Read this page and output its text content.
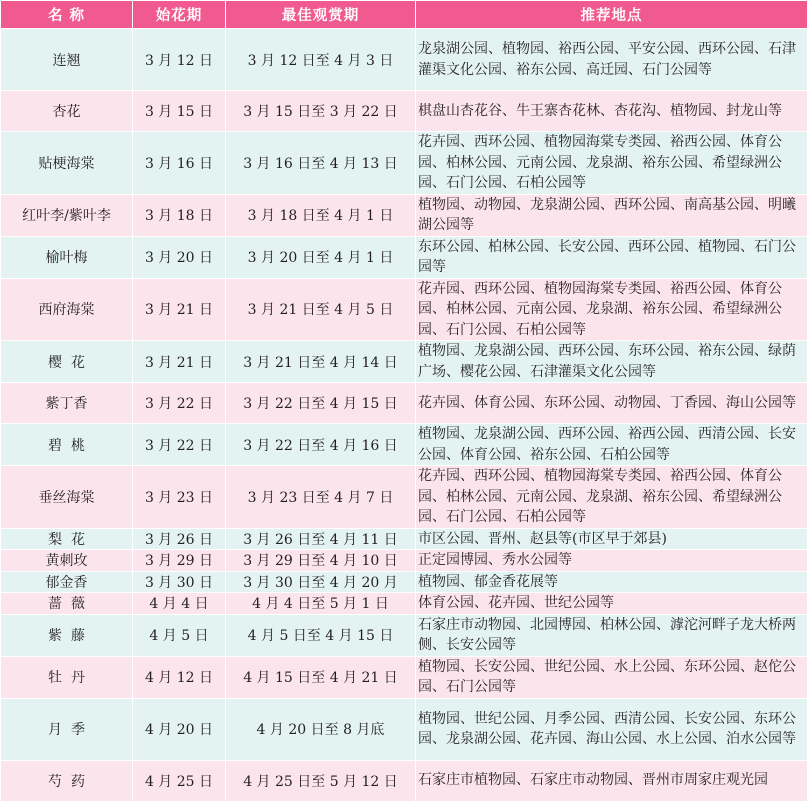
名 称	始花期	最佳观赏期	推荐地点
连翘	3 月 12 日	3 月 12 日至 4 月 3 日	龙泉湖公园、植物园、裕西公园、平安公园、西环公园、石津灌渠文化公园、裕东公园、高迁园、石门公园等
杏花	3 月 15 日	3 月 15 日至 3 月 22 日	棋盘山杏花谷、牛王寨杏花林、杏花沟、植物园、封龙山等
贴梗海棠	3 月 16 日	3 月 16 日至 4 月 13 日	花卉园、西环公园、植物园海棠专类园、裕西公园、体育公园、柏林公园、元南公园、龙泉湖、裕东公园、希望绿洲公园、石门公园、石柏公园等
红叶李/紫叶李	3 月 18 日	3 月 18 日至 4 月 1 日	植物园、动物园、龙泉湖公园、西环公园、南高基公园、明曦湖公园等
榆叶梅	3 月 20 日	3 月 20 日至 4 月 1 日	东环公园、柏林公园、长安公园、西环公园、植物园、石门公园等
西府海棠	3 月 21 日	3 月 21 日至 4 月 5 日	花卉园、西环公园、植物园海棠专类园、裕西公园、体育公园、柏林公园、元南公园、龙泉湖、裕东公园、希望绿洲公园、石门公园、石柏公园等
樱  花	3 月 21 日	3 月 21 日至 4 月 14 日	植物园、龙泉湖公园、西环公园、东环公园、裕东公园、绿荫广场、樱花公园、石津灌渠文化公园等
紫丁香	3 月 22 日	3 月 22 日至 4 月 15 日	花卉园、体育公园、东环公园、动物园、丁香园、海山公园等
碧  桃	3 月 22 日	3 月 22 日至 4 月 16 日	植物园、龙泉湖公园、西环公园、裕西公园、西清公园、长安公园、体育公园、裕东公园、石柏公园等
垂丝海棠	3 月 23 日	3 月 23 日至 4 月 7 日	花卉园、西环公园、植物园海棠专类园、裕西公园、体育公园、柏林公园、元南公园、龙泉湖、裕东公园、希望绿洲公园、石门公园、石柏公园等
梨  花	3 月 26 日	3 月 26 日至 4 月 11 日	市区公园、晋州、赵县等(市区早于郊县)
黄刺玫	3 月 29 日	3 月 29 日至 4 月 10 日	正定园博园、秀水公园等
郁金香	3 月 30 日	3 月 30 日至 4 月 20 月	植物园、郁金香花展等
蔷  薇	4 月 4 日	4 月 4 日至 5 月 1 日	体育公园、花卉园、世纪公园等
紫  藤	4 月 5 日	4 月 5 日至 4 月 15 日	石家庄市动物园、北园博园、柏林公园、滹沱河畔子龙大桥两侧、长安公园等
牡  丹	4 月 12 日	4 月 15 日至 4 月 21 日	植物园、长安公园、世纪公园、水上公园、东环公园、赵佗公园、石门公园等
月  季	4 月 20 日	4 月 20 日至 8 月底	植物园、世纪公园、月季公园、西清公园、长安公园、东环公园、龙泉湖公园、花卉园、海山公园、水上公园、泊水公园等
芍  药	4 月 25 日	4 月 25 日至 5 月 12 日	石家庄市植物园、石家庄市动物园、晋州市周家庄观光园
